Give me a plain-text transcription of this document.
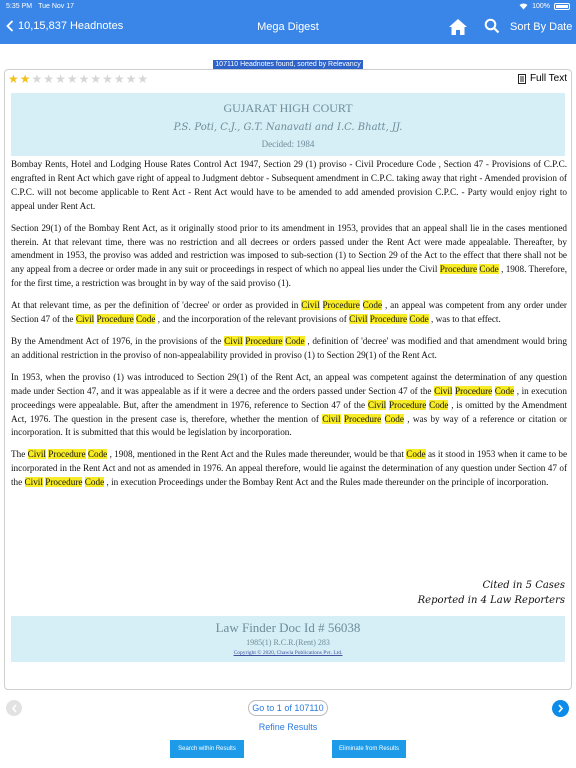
5:35 PM Tue Nov 17	100%
10,15,837 Headnotes	Mega Digest	Sort By Date
107110 Headnotes found, sorted by Relevancy
★ ★ ★ ★ ★ ★ ★ ★ ★ ★ ★ ★	Full Text
GUJARAT HIGH COURT
P.S. Poti, C.J., G.T. Nanavati and I.C. Bhatt, JJ.
Decided: 1984

Bombay Rents, Hotel and Lodging House Rates Control Act 1947, Section 29 (1) proviso - Civil Procedure Code , Section 47 - Provisions of C.P.C. engrafted in Rent Act which gave right of appeal to Judgment debtor - Subsequent amendment in C.P.C. taking away that right - Amended provision of C.P.C. will not become applicable to Rent Act - Rent Act would have to be amended to add amended provision C.P.C. - Party would enjoy right to appeal under Rent Act.

Section 29(1) of the Bombay Rent Act, as it originally stood prior to its amendment in 1953, provides that an appeal shall lie in the cases mentioned therein. At that relevant time, there was no restriction and all decrees or orders passed under the Rent Act were made appealable. Thereafter, by amendment in 1953, the proviso was added and restriction was imposed to sub-section (1) to Section 29 of the Act to the effect that there shall not be any appeal from a decree or order made in any suit or proceedings in respect of which no appeal lies under the Civil Procedure Code , 1908. Therefore, for the first time, a restriction was brought in by way of the said proviso (1).

At that relevant time, as per the definition of 'decree' or order as provided in Civil Procedure Code , an appeal was competent from any order under Section 47 of the Civil Procedure Code , and the incorporation of the relevant provisions of Civil Procedure Code , was to that effect.

By the Amendment Act of 1976, in the provisions of the Civil Procedure Code , definition of 'decree' was modified and that amendment would bring an additional restriction in the proviso of non-appealability provided in proviso (1) to Section 29(1) of the Rent Act.

In 1953, when the proviso (1) was introduced to Section 29(1) of the Rent Act, an appeal was competent against the determination of any question made under Section 47, and it was appealable as if it were a decree and the orders passed under Section 47 of the Civil Procedure Code , in execution proceedings were appealable. But, after the amendment in 1976, reference to Section 47 of the Civil Procedure Code , is omitted by the Amendment Act, 1976. The question in the present case is, therefore, whether the mention of Civil Procedure Code , was by way of a reference or citation or incorporation. It is submitted that this would be legislation by incorporation.

The Civil Procedure Code , 1908, mentioned in the Rent Act and the Rules made thereunder, would be that Code as it stood in 1953 when it came to be incorporated in the Rent Act and not as amended in 1976. An appeal therefore, would lie against the determination of any question under Section 47 of the Civil Procedure Code , in execution Proceedings under the Bombay Rent Act and the Rules made thereunder on the principle of incorporation.

Cited in 5 Cases
Reported in 4 Law Reporters
Law Finder Doc Id # 56038
1985(1) R.C.R.(Rent) 283
Copyright © 2020, Chawla Publications Pvt. Ltd.
Go to 1 of 107110
Refine Results
Search within Results	Eliminate from Results
